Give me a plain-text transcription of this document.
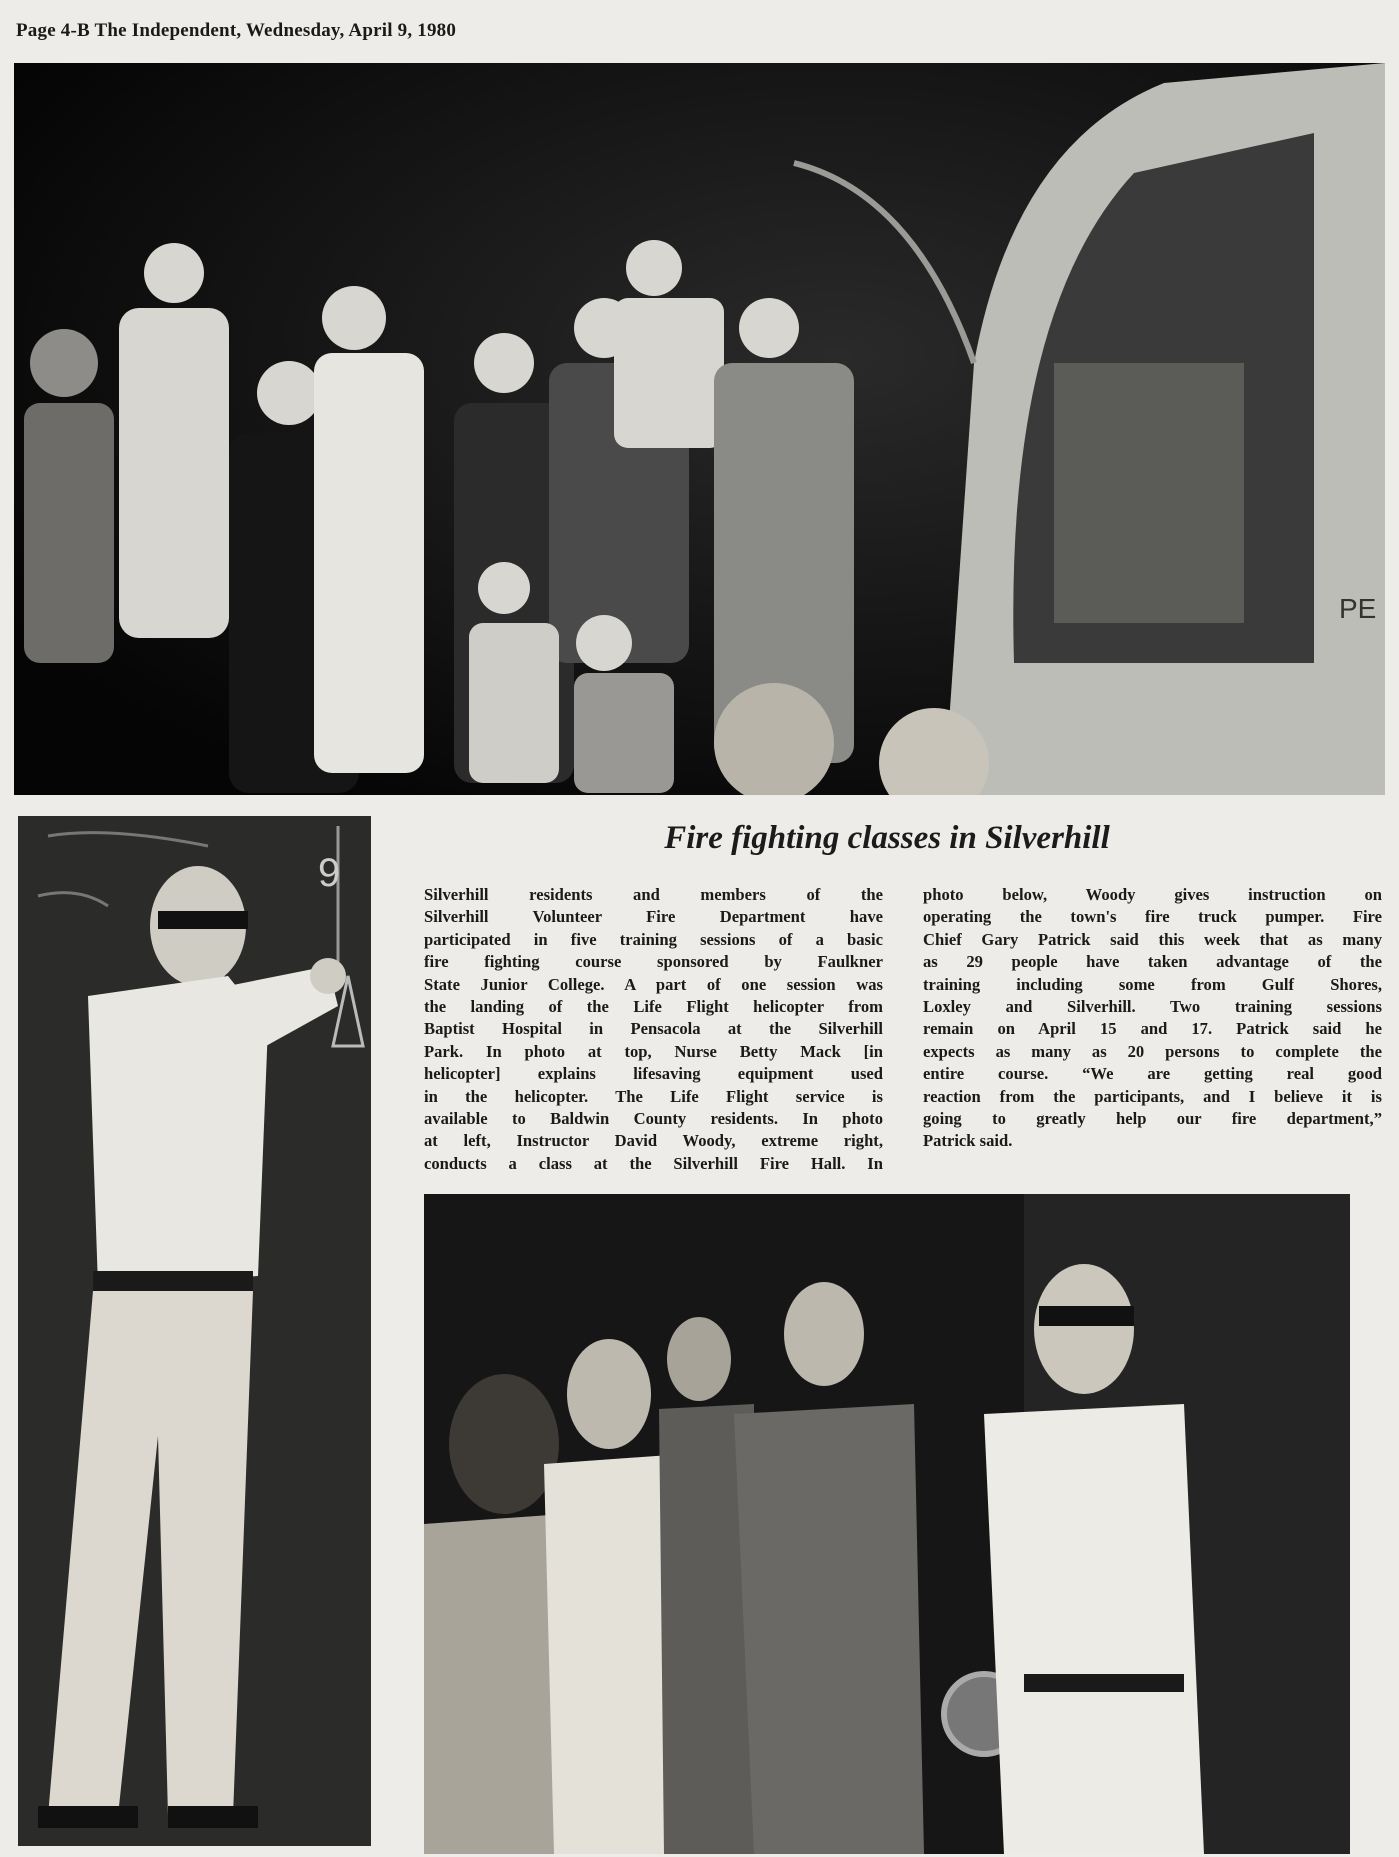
Page 4-B The Independent, Wednesday, April 9, 1980
PE
9
Fire fighting classes in Silverhill
Silverhill residents and members of the
Silverhill Volunteer Fire Department have
participated in five training sessions of a basic
fire fighting course sponsored by Faulkner
State Junior College. A part of one session was
the landing of the Life Flight helicopter from
Baptist Hospital in Pensacola at the Silverhill
Park. In photo at top, Nurse Betty Mack [in
helicopter] explains lifesaving equipment used
in the helicopter. The Life Flight service is
available to Baldwin County residents. In photo
at left, Instructor David Woody, extreme right,
conducts a class at the Silverhill Fire Hall. In
photo below, Woody gives instruction on
operating the town's fire truck pumper. Fire
Chief Gary Patrick said this week that as many
as 29 people have taken advantage of the
training including some from Gulf Shores,
Loxley and Silverhill. Two training sessions
remain on April 15 and 17. Patrick said he
expects as many as 20 persons to complete the
entire course. “We are getting real good
reaction from the participants, and I believe it is
going to greatly help our fire department,”
Patrick said.
